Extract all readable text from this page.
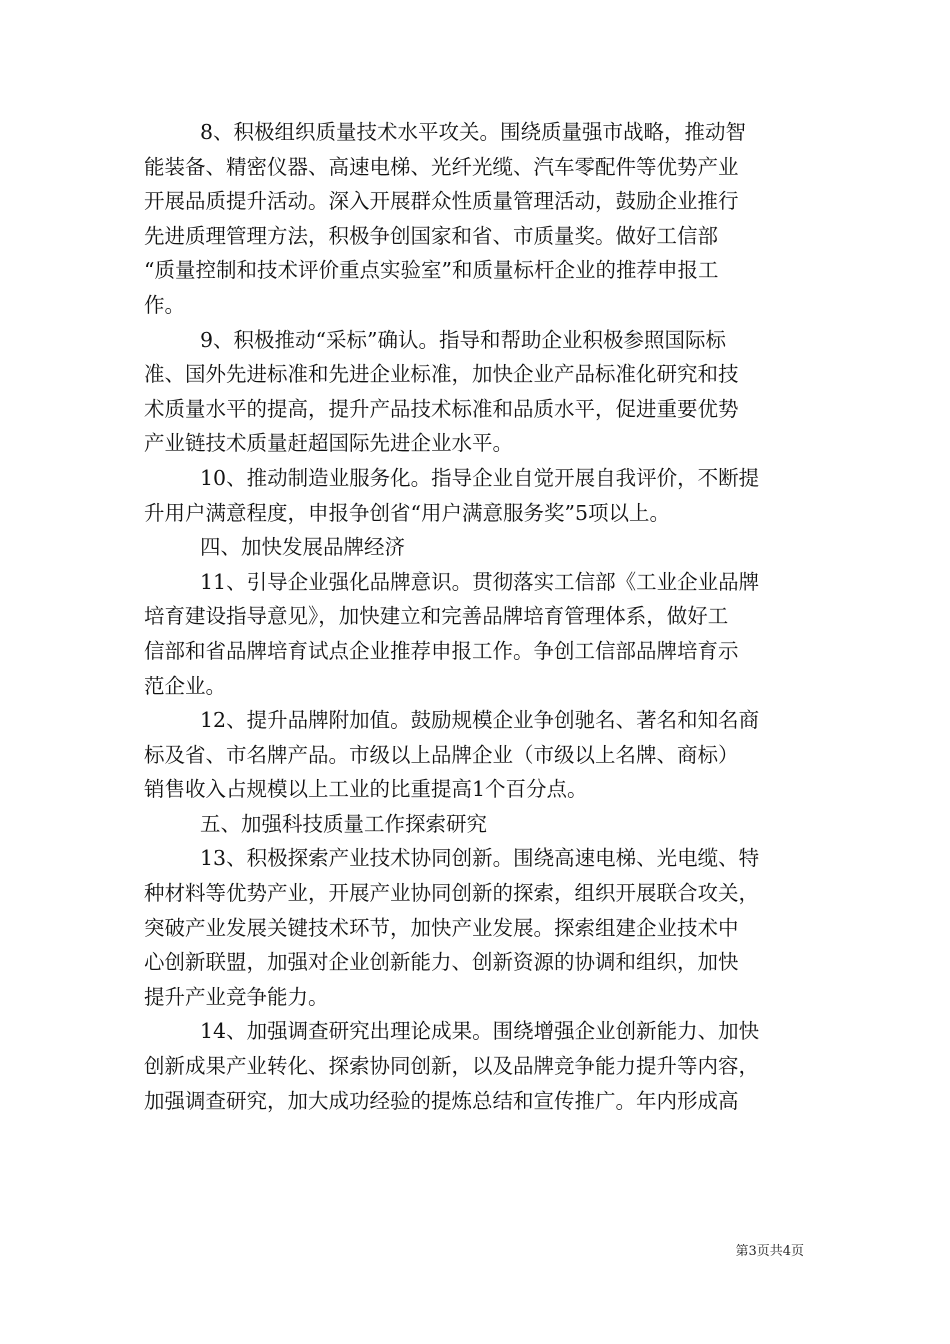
8、积极组织质量技术水平攻关。围绕质量强市战略，推动智
能装备、精密仪器、高速电梯、光纤光缆、汽车零配件等优势产业
开展品质提升活动。深入开展群众性质量管理活动，鼓励企业推行
先进质理管理方法，积极争创国家和省、市质量奖。做好工信部
“质量控制和技术评价重点实验室”和质量标杆企业的推荐申报工
作。
9、积极推动“采标”确认。指导和帮助企业积极参照国际标
准、国外先进标准和先进企业标准，加快企业产品标准化研究和技
术质量水平的提高，提升产品技术标准和品质水平，促进重要优势
产业链技术质量赶超国际先进企业水平。
10、推动制造业服务化。指导企业自觉开展自我评价，不断提
升用户满意程度，申报争创省“用户满意服务奖”5项以上。
四、加快发展品牌经济
11、引导企业强化品牌意识。贯彻落实工信部《工业企业品牌
培育建设指导意见》，加快建立和完善品牌培育管理体系，做好工
信部和省品牌培育试点企业推荐申报工作。争创工信部品牌培育示
范企业。
12、提升品牌附加值。鼓励规模企业争创驰名、著名和知名商
标及省、市名牌产品。市级以上品牌企业（市级以上名牌、商标）
销售收入占规模以上工业的比重提高1个百分点。
五、加强科技质量工作探索研究
13、积极探索产业技术协同创新。围绕高速电梯、光电缆、特
种材料等优势产业，开展产业协同创新的探索，组织开展联合攻关，
突破产业发展关键技术环节，加快产业发展。探索组建企业技术中
心创新联盟，加强对企业创新能力、创新资源的协调和组织，加快
提升产业竞争能力。
14、加强调查研究出理论成果。围绕增强企业创新能力、加快
创新成果产业转化、探索协同创新，以及品牌竞争能力提升等内容，
加强调查研究，加大成功经验的提炼总结和宣传推广。年内形成高
第3页共4页
